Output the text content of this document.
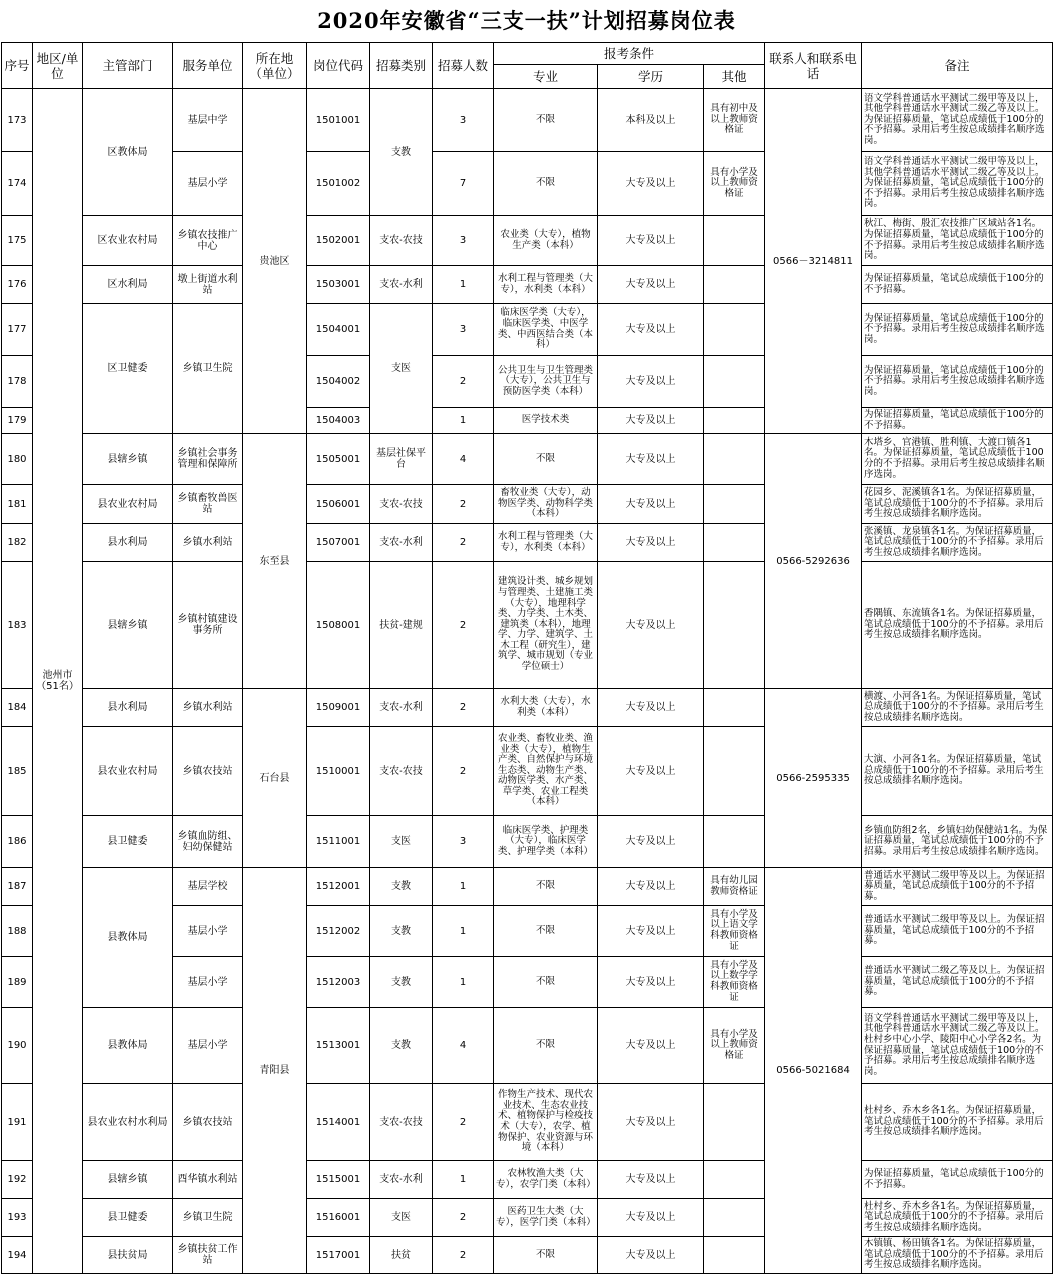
2020年安徽省“三支一扶”计划招募岗位表
序号	地区/单位	主管部门	服务单位	所在地（单位）	岗位代码	招募类别	招募人数	报考条件			联系人和联系电话	备注
								专业	学历	其他		
173	池州市（51名）	区教体局	基层中学	贵池区	1501001	支教	3	不限	本科及以上	具有初中及以上教师资格证	0566－3214811	语文学科普通话水平测试二级甲等及以上，其他学科普通话水平测试二级乙等及以上。为保证招募质量，笔试总成绩低于100分的不予招募。录用后考生按总成绩排名顺序选岗。
174			基层小学		1501002		7	不限	大专及以上	具有小学及以上教师资格证		语文学科普通话水平测试二级甲等及以上，其他学科普通话水平测试二级乙等及以上。为保证招募质量，笔试总成绩低于100分的不予招募。录用后考生按总成绩排名顺序选岗。
175		区农业农村局	乡镇农技推广中心		1502001	支农-农技	3	农业类（大专），植物生产类（本科）	大专及以上			秋江、梅街、殷汇农技推广区域站各1名。为保证招募质量，笔试总成绩低于100分的不予招募。录用后考生按总成绩排名顺序选岗。
176		区水利局	墩上街道水利站		1503001	支农-水利	1	水利工程与管理类（大专），水利类（本科）	大专及以上			为保证招募质量，笔试总成绩低于100分的不予招募。
177		区卫健委	乡镇卫生院		1504001	支医	3	临床医学类（大专），临床医学类、中医学类、中西医结合类（本科）	大专及以上			为保证招募质量，笔试总成绩低于100分的不予招募。录用后考生按总成绩排名顺序选岗。
178					1504002		2	公共卫生与卫生管理类（大专），公共卫生与预防医学类（本科）	大专及以上			为保证招募质量，笔试总成绩低于100分的不予招募。录用后考生按总成绩排名顺序选岗。
179					1504003		1	医学技术类	大专及以上			为保证招募质量，笔试总成绩低于100分的不予招募。
180		县辖乡镇	乡镇社会事务管理和保障所	东至县	1505001	基层社保平台	4	不限	大专及以上		0566-5292636	木塔乡、官港镇、胜利镇、大渡口镇各1名。为保证招募质量，笔试总成绩低于100分的不予招募。录用后考生按总成绩排名顺序选岗。
181		县农业农村局	乡镇畜牧兽医站		1506001	支农-农技	2	畜牧业类（大专），动物医学类、动物科学类（本科）	大专及以上			花园乡、泥溪镇各1名。为保证招募质量，笔试总成绩低于100分的不予招募。录用后考生按总成绩排名顺序选岗。
182		县水利局	乡镇水利站		1507001	支农-水利	2	水利工程与管理类（大专），水利类（本科）	大专及以上			张溪镇、龙泉镇各1名。为保证招募质量，笔试总成绩低于100分的不予招募。录用后考生按总成绩排名顺序选岗。
183		县辖乡镇	乡镇村镇建设事务所		1508001	扶贫-建规	2	建筑设计类、城乡规划与管理类、土建施工类（大专），地理科学类、力学类、土木类、建筑类（本科），地理学、力学、建筑学、土木工程（研究生），建筑学、城市规划（专业学位硕士）	大专及以上			香隅镇、东流镇各1名。为保证招募质量，笔试总成绩低于100分的不予招募。录用后考生按总成绩排名顺序选岗。
184		县水利局	乡镇水利站	石台县	1509001	支农-水利	2	水利大类（大专），水利类（本科）	大专及以上		0566-2595335	横渡、小河各1名。为保证招募质量，笔试总成绩低于100分的不予招募。录用后考生按总成绩排名顺序选岗。
185		县农业农村局	乡镇农技站		1510001	支农-农技	2	农业类、畜牧业类、渔业类（大专），植物生产类、自然保护与环境生态类、动物生产类、动物医学类、水产类、草学类、农业工程类（本科）	大专及以上			大演、小河各1名。为保证招募质量，笔试总成绩低于100分的不予招募。录用后考生按总成绩排名顺序选岗。
186		县卫健委	乡镇血防组、妇幼保健站		1511001	支医	3	临床医学类、护理类（大专），临床医学类、护理学类（本科）	大专及以上			乡镇血防组2名，乡镇妇幼保健站1名。为保证招募质量，笔试总成绩低于100分的不予招募。录用后考生按总成绩排名顺序选岗。
187		县教体局	基层学校	青阳县	1512001	支教	1	不限	大专及以上	具有幼儿园教师资格证	0566-5021684	普通话水平测试二级甲等及以上。为保证招募质量，笔试总成绩低于100分的不予招募。
188			基层小学		1512002	支教	1	不限	大专及以上	具有小学及以上语文学科教师资格证		普通话水平测试二级甲等及以上。为保证招募质量，笔试总成绩低于100分的不予招募。
189			基层小学		1512003	支教	1	不限	大专及以上	具有小学及以上数学学科教师资格证		普通话水平测试二级乙等及以上。为保证招募质量，笔试总成绩低于100分的不予招募。
190		县教体局	基层小学		1513001	支教	4	不限	大专及以上	具有小学及以上教师资格证		语文学科普通话水平测试二级甲等及以上，其他学科普通话水平测试二级乙等及以上。杜村乡中心小学、陵阳中心小学各2名。为保证招募质量，笔试总成绩低于100分的不予招募。录用后考生按总成绩排名顺序选岗。
191		县农业农村水利局	乡镇农技站		1514001	支农-农技	2	作物生产技术、现代农业技术、生态农业技术、植物保护与检疫技术（大专），农学、植物保护、农业资源与环境（本科）	大专及以上			杜村乡、乔木乡各1名。为保证招募质量，笔试总成绩低于100分的不予招募。录用后考生按总成绩排名顺序选岗。
192		县辖乡镇	酉华镇水利站		1515001	支农-水利	1	农林牧渔大类（大专），农学门类（本科）	大专及以上			为保证招募质量，笔试总成绩低于100分的不予招募。
193		县卫健委	乡镇卫生院		1516001	支医	2	医药卫生大类（大专），医学门类（本科）	大专及以上			杜村乡、乔木乡各1名。为保证招募质量，笔试总成绩低于100分的不予招募。录用后考生按总成绩排名顺序选岗。
194		县扶贫局	乡镇扶贫工作站		1517001	扶贫	2	不限	大专及以上			木镇镇、杨田镇各1名。为保证招募质量，笔试总成绩低于100分的不予招募。录用后考生按总成绩排名顺序选岗。
